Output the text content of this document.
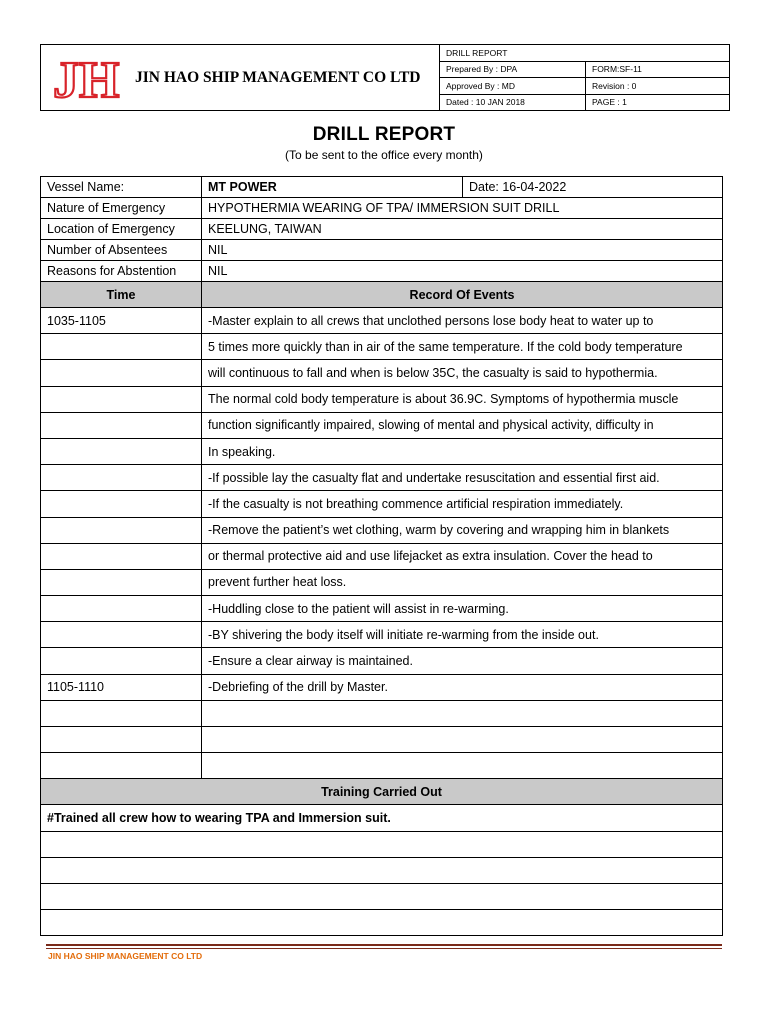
JH JIN HAO SHIP MANAGEMENT CO LTD
DRILL REPORT
Prepared By : DPA	FORM:SF-11
Approved By : MD	Revision : 0
Dated : 10 JAN 2018	PAGE : 1
DRILL REPORT
(To be sent to the office every month)
Vessel Name:	MT POWER	Date: 16-04-2022
Nature of Emergency	HYPOTHERMIA WEARING OF TPA/ IMMERSION SUIT DRILL	
Location of Emergency	KEELUNG, TAIWAN	
Number of Absentees	NIL	
Reasons for Abstention	NIL	
Time	Record Of Events	
1035-1105	-Master explain to all crews that unclothed persons lose body heat to water up to	
	5 times more quickly than in air of the same temperature. If the cold body temperature	
	will continuous to fall and when is below 35C, the casualty is said to hypothermia.	
	The normal cold body temperature is about 36.9C. Symptoms of hypothermia muscle	
	function significantly impaired, slowing of mental and physical activity, difficulty in	
	In speaking.	
	-If possible lay the casualty flat and undertake resuscitation and essential first aid.	
	-If the casualty is not breathing commence artificial respiration immediately.	
	-Remove the patient’s wet clothing, warm by covering and wrapping him in blankets	
	or thermal protective aid and use lifejacket as extra insulation. Cover the head to	
	prevent further heat loss.	
	-Huddling close to the patient will assist in re-warming.	
	-BY shivering the body itself will initiate re-warming from the inside out.	
	-Ensure a clear airway is maintained.	
1105-1110	-Debriefing of the drill by Master.	

Training Carried Out		
#Trained all crew how to wearing TPA and Immersion suit.		

JIN HAO SHIP MANAGEMENT CO LTD
